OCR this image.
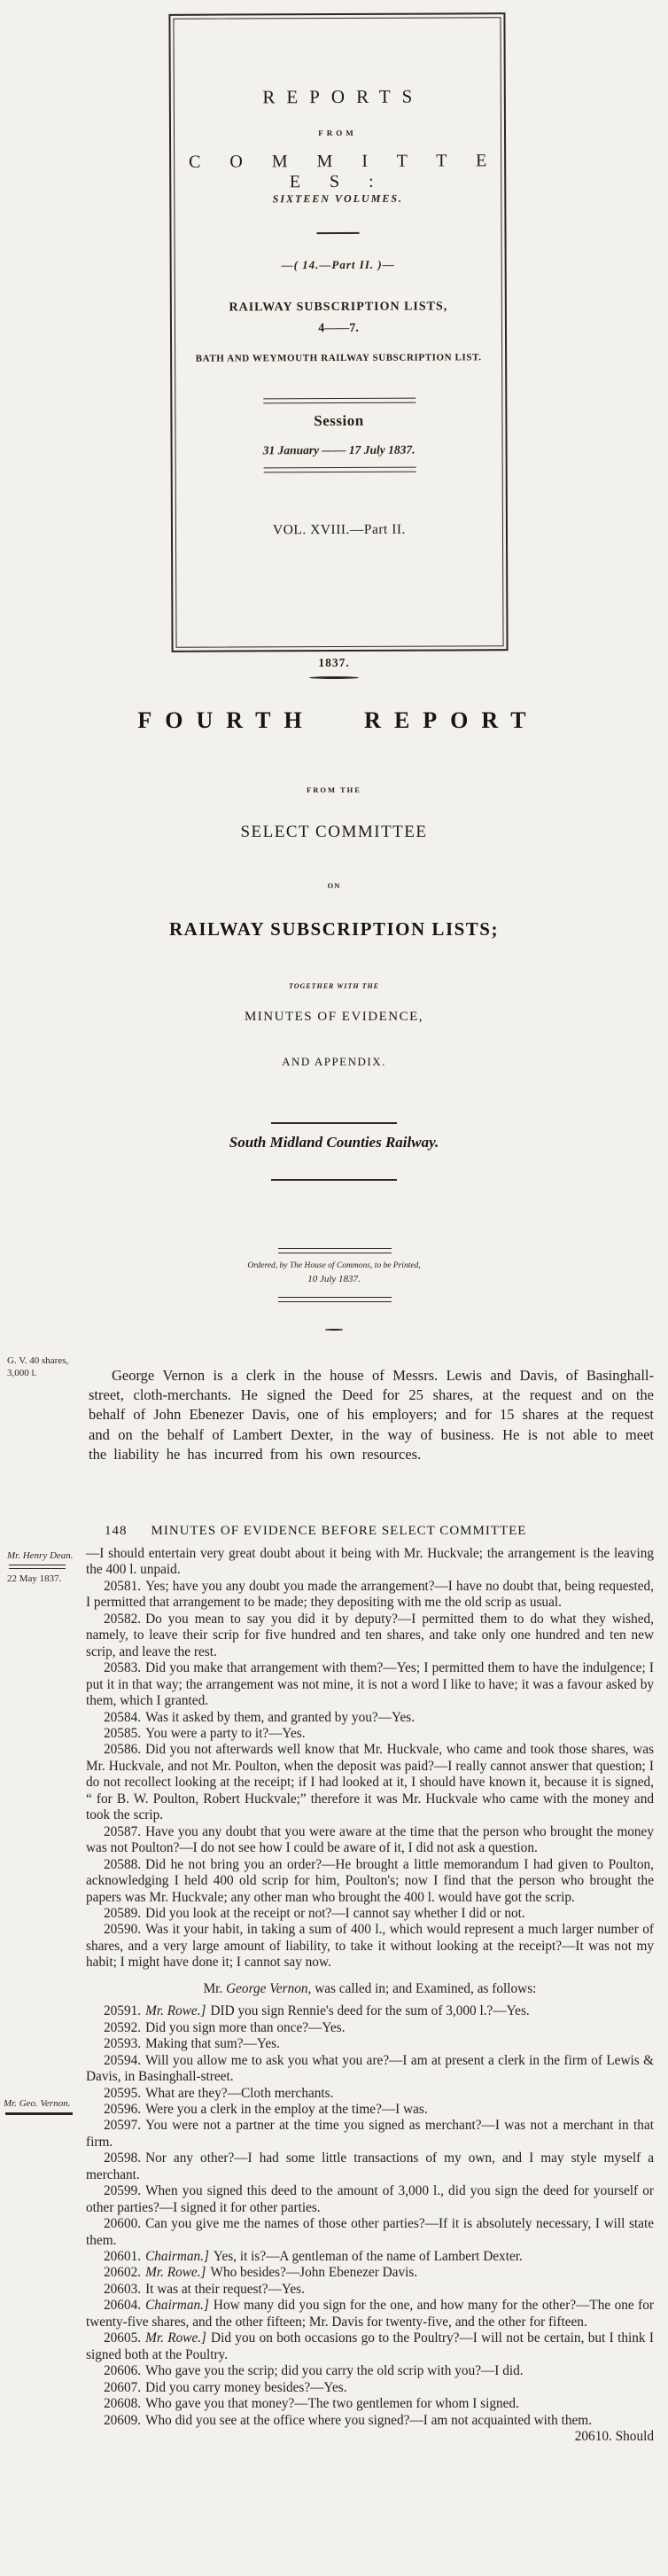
REPORTS
FROM
C O M M I T T E E S :
SIXTEEN VOLUMES.
—( 14.—Part II. )—
RAILWAY SUBSCRIPTION LISTS,
4——7.
BATH AND WEYMOUTH RAILWAY SUBSCRIPTION LIST.
Session
31 January —— 17 July 1837.
VOL. XVIII.—Part II.
1837.
FOURTH REPORT
FROM THE
SELECT COMMITTEE
ON
RAILWAY SUBSCRIPTION LISTS;
TOGETHER WITH THE
MINUTES OF EVIDENCE,
AND APPENDIX.
South Midland Counties Railway.
Ordered, by The House of Commons, to be Printed,
10 July 1837.
G. V. 40 shares,
3,000 l.	George Vernon is a clerk in the house of Messrs. Lewis and Davis, of Basinghall-street, cloth-merchants. He signed the Deed for 25 shares, at the request and on the behalf of John Ebenezer Davis, one of his employers; and for 15 shares at the request and on the behalf of Lambert Dexter, in the way of business. He is not able to meet the liability he has incurred from his own resources.

148 MINUTES OF EVIDENCE BEFORE SELECT COMMITTEE
Mr. Henry Dean.
22 May 1837.
Mr. Geo. Vernon.

—I should entertain very great doubt about it being with Mr. Huckvale; the arrangement is the leaving the 400 l. unpaid.

20581. Yes; have you any doubt you made the arrangement?—I have no doubt that, being requested, I permitted that arrangement to be made; they depositing with me the old scrip as usual.

20582. Do you mean to say you did it by deputy?—I permitted them to do what they wished, namely, to leave their scrip for five hundred and ten shares, and take only one hundred and ten new scrip, and leave the rest.

20583. Did you make that arrangement with them?—Yes; I permitted them to have the indulgence; I put it in that way; the arrangement was not mine, it is not a word I like to have; it was a favour asked by them, which I granted.

20584. Was it asked by them, and granted by you?—Yes.

20585. You were a party to it?—Yes.

20586. Did you not afterwards well know that Mr. Huckvale, who came and took those shares, was Mr. Huckvale, and not Mr. Poulton, when the deposit was paid?—I really cannot answer that question; I do not recollect looking at the receipt; if I had looked at it, I should have known it, because it is signed, “ for B. W. Poulton, Robert Huckvale;” therefore it was Mr. Huckvale who came with the money and took the scrip.

20587. Have you any doubt that you were aware at the time that the person who brought the money was not Poulton?—I do not see how I could be aware of it, I did not ask a question.

20588. Did he not bring you an order?—He brought a little memorandum I had given to Poulton, acknowledging I held 400 old scrip for him, Poulton's; now I find that the person who brought the papers was Mr. Huckvale; any other man who brought the 400 l. would have got the scrip.

20589. Did you look at the receipt or not?—I cannot say whether I did or not.

20590. Was it your habit, in taking a sum of 400 l., which would represent a much larger number of shares, and a very large amount of liability, to take it without looking at the receipt?—It was not my habit; I might have done it; I cannot say now.

Mr. George Vernon, was called in; and Examined, as follows:

20591. Mr. Rowe.] DID you sign Rennie's deed for the sum of 3,000 l.?—Yes.

20592. Did you sign more than once?—Yes.

20593. Making that sum?—Yes.

20594. Will you allow me to ask you what you are?—I am at present a clerk in the firm of Lewis & Davis, in Basinghall-street.

20595. What are they?—Cloth merchants.

20596. Were you a clerk in the employ at the time?—I was.

20597. You were not a partner at the time you signed as merchant?—I was not a merchant in that firm.

20598. Nor any other?—I had some little transactions of my own, and I may style myself a merchant.

20599. When you signed this deed to the amount of 3,000 l., did you sign the deed for yourself or other parties?—I signed it for other parties.

20600. Can you give me the names of those other parties?—If it is absolutely necessary, I will state them.

20601. Chairman.] Yes, it is?—A gentleman of the name of Lambert Dexter.

20602. Mr. Rowe.] Who besides?—John Ebenezer Davis.

20603. It was at their request?—Yes.

20604. Chairman.] How many did you sign for the one, and how many for the other?—The one for twenty-five shares, and the other fifteen; Mr. Davis for twenty-five, and the other for fifteen.

20605. Mr. Rowe.] Did you on both occasions go to the Poultry?—I will not be certain, but I think I signed both at the Poultry.

20606. Who gave you the scrip; did you carry the old scrip with you?—I did.

20607. Did you carry money besides?—Yes.

20608. Who gave you that money?—The two gentlemen for whom I signed.

20609. Who did you see at the office where you signed?—I am not acquainted with them.
20610. Should
